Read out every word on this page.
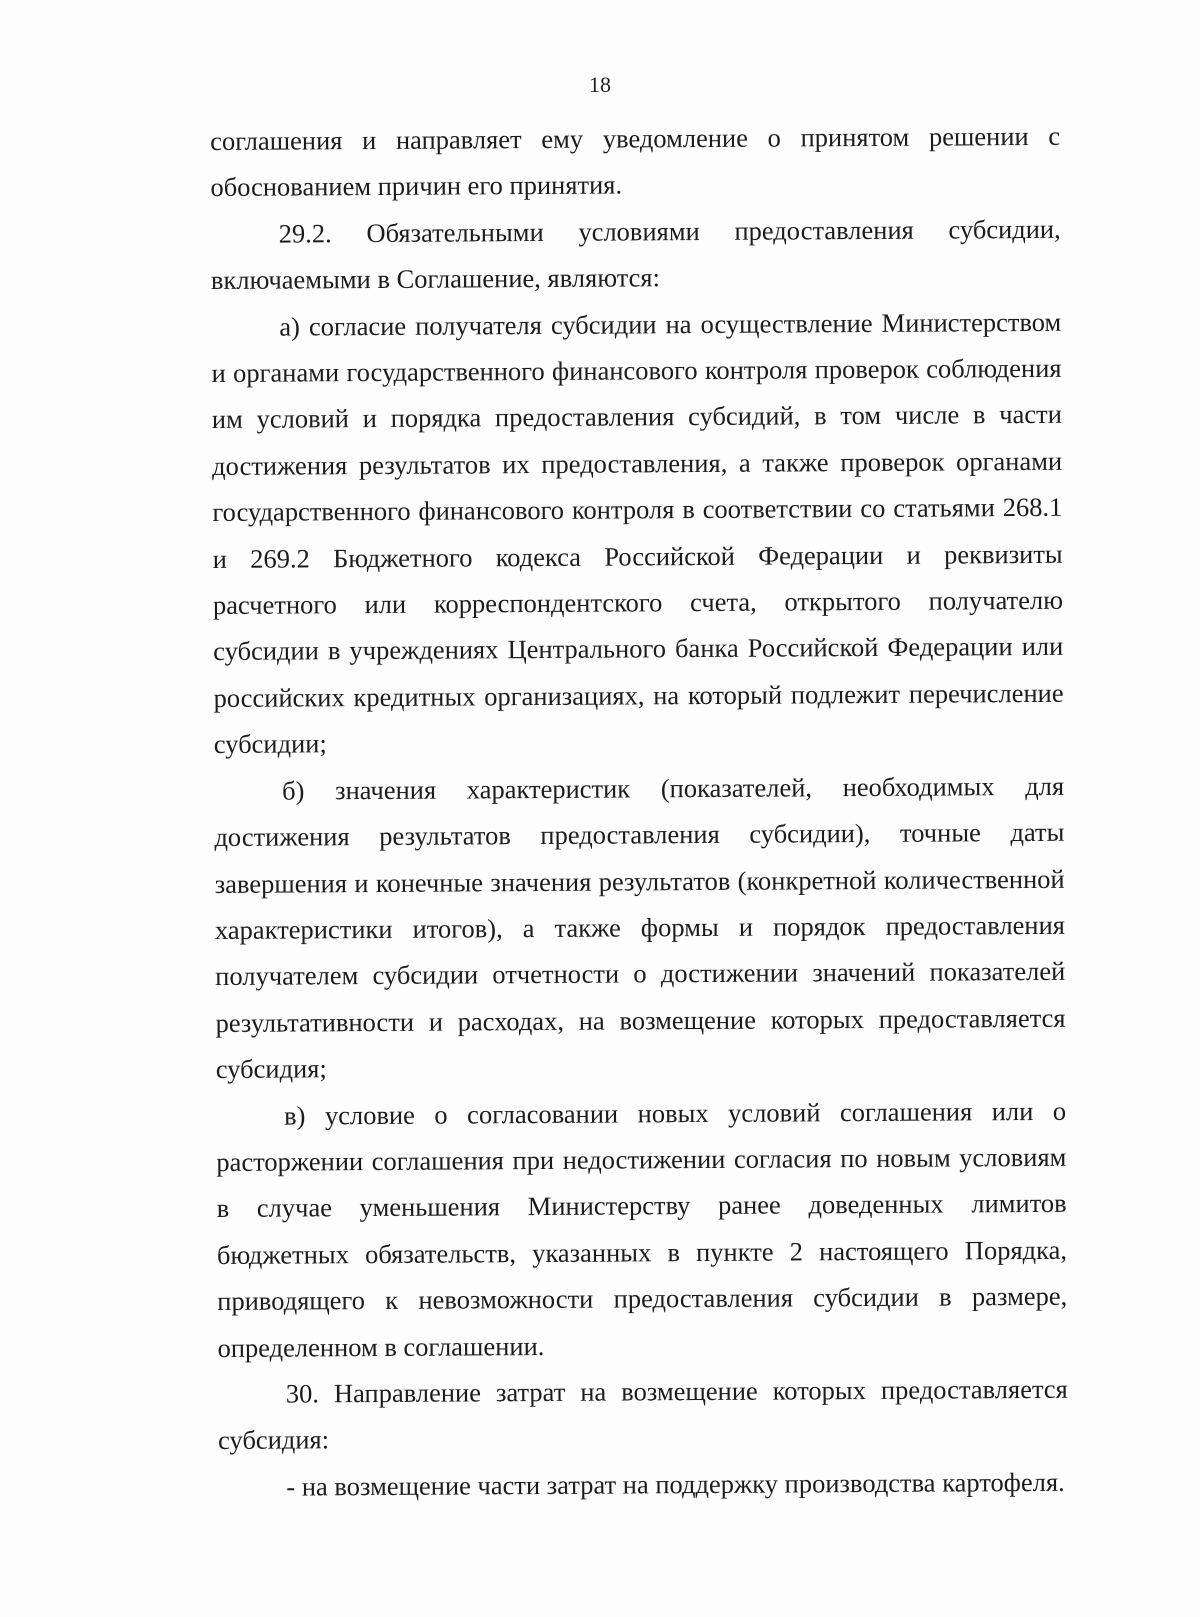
18

соглашения и направляет ему уведомление о принятом решении с обоснованием причин его принятия.

29.2. Обязательными условиями предоставления субсидии, включаемыми в Соглашение, являются:

а) согласие получателя субсидии на осуществление Министерством и органами государственного финансового контроля проверок соблюдения им условий и порядка предоставления субсидий, в том числе в части достижения результатов их предоставления, а также проверок органами государственного финансового контроля в соответствии со статьями 268.1 и 269.2 Бюджетного кодекса Российской Федерации и реквизиты расчетного или корреспондентского счета, открытого получателю субсидии в учреждениях Центрального банка Российской Федерации или российских кредитных организациях, на который подлежит перечисление субсидии;

б) значения характеристик (показателей, необходимых для достижения результатов предоставления субсидии), точные даты завершения и конечные значения результатов (конкретной количественной характеристики итогов), а также формы и порядок предоставления получателем субсидии отчетности о достижении значений показателей результативности и расходах, на возмещение которых предоставляется субсидия;

в) условие о согласовании новых условий соглашения или о расторжении соглашения при недостижении согласия по новым условиям в случае уменьшения Министерству ранее доведенных лимитов бюджетных обязательств, указанных в пункте 2 настоящего Порядка, приводящего к невозможности предоставления субсидии в размере, определенном в соглашении.

30. Направление затрат на возмещение которых предоставляется субсидия:

- на возмещение части затрат на поддержку производства картофеля.
